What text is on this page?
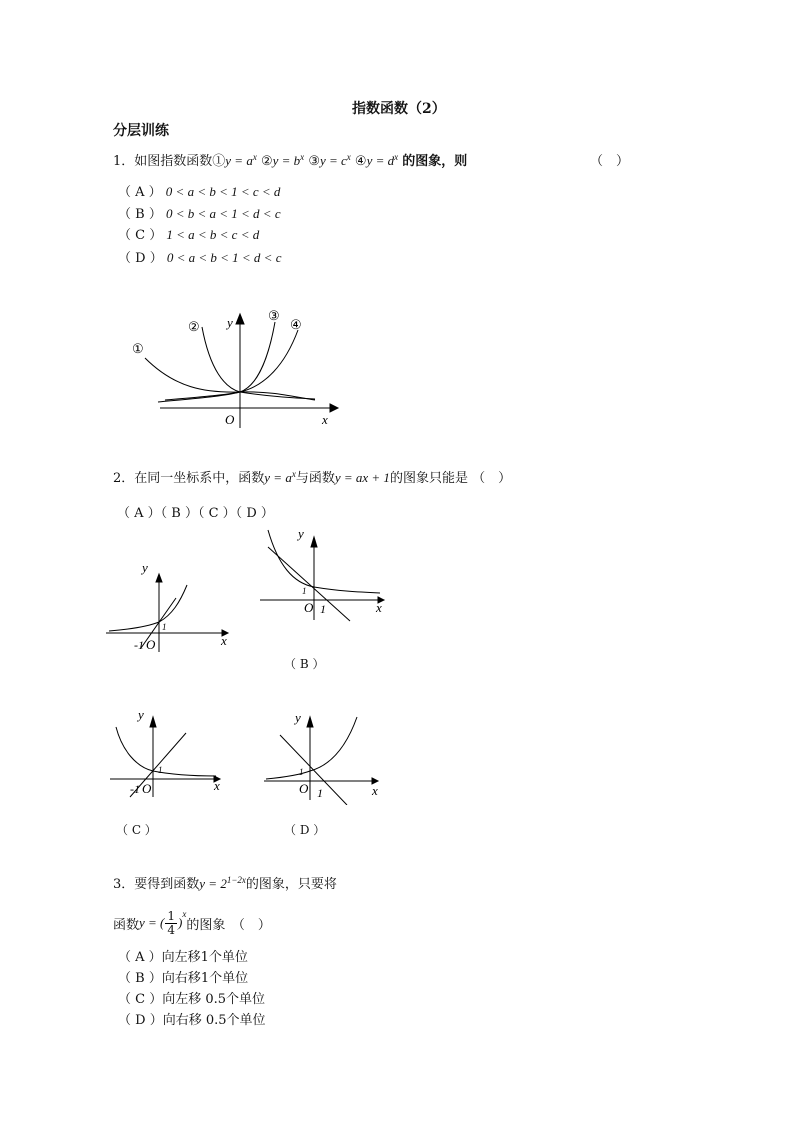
指数函数（2）
分层训练
1．如图指数函数①y = $a^x$ ②y = $b^x$ ③y = $c^x$ ④y = $d^x$ 的图象，则	（　）
（ A ） 0 < a < b < 1 < c < d
（ B ） 0 < b < a < 1 < d < c
（ C ） 1 < a < b < c < d
（ D ） 0 < a < b < 1 < d < c
①
②
③
④
y
x
O
2．在同一坐标系中，函数$y = a^x$与函数y = ax + 1的图象只能是 （　）
（ A ）（ B ）（ C ）（ D ）
y
x
-1 O
1
y
x
O 1
1
（ B ）
y
x
-1 O
1
（ C ）
y
x
O 1
1
（ D ）
3．要得到函数$y = 2^{1-2x}$的图象，只要将
函数 y = ( 1
4 )
$^x$
的图象　（　）
（ A ）向左移1个单位
（ B ）向右移1个单位
（ C ）向左移 0.5个单位
（ D ）向右移 0.5个单位
